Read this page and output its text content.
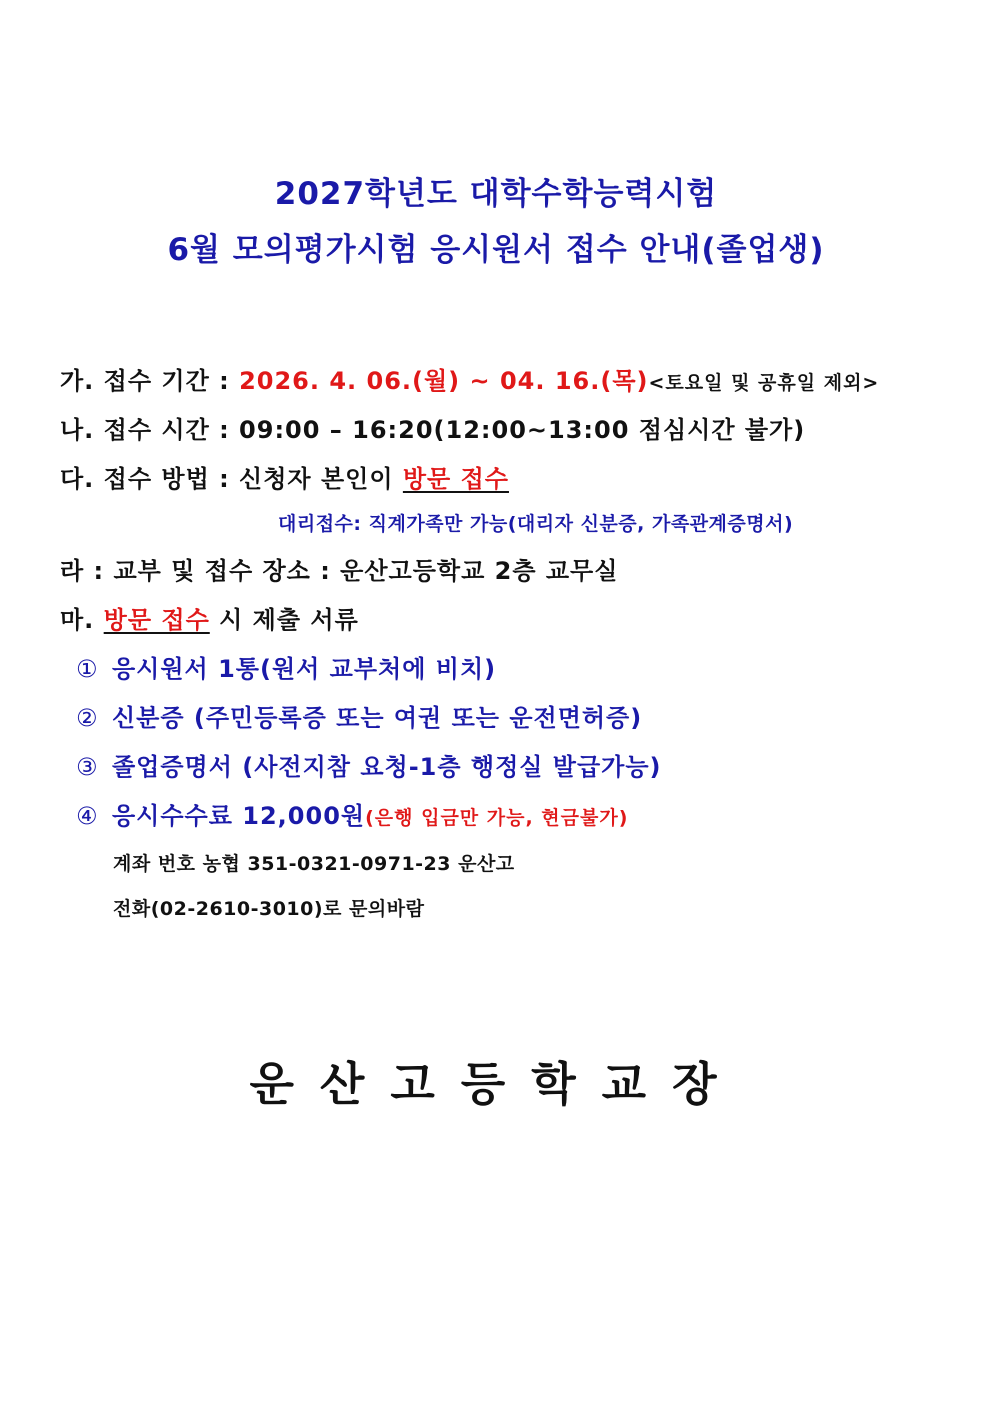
2027학년도 대학수학능력시험
6월 모의평가시험 응시원서 접수 안내(졸업생)
가. 접수 기간 : 2026. 4. 06.(월) ~ 04. 16.(목)<토요일 및 공휴일 제외>
나. 접수 시간 : 09:00 – 16:20(12:00~13:00 점심시간 불가)
다. 접수 방법 : 신청자 본인이 방문 접수
대리접수: 직계가족만 가능(대리자 신분증, 가족관계증명서)
라 : 교부 및 접수 장소 : 운산고등학교 2층 교무실
마. 방문 접수 시 제출 서류
① 응시원서 1통(원서 교부처에 비치)
② 신분증 (주민등록증 또는 여권 또는 운전면허증)
③ 졸업증명서 (사전지참 요청-1층 행정실 발급가능)
④ 응시수수료 12,000원(은행 입금만 가능, 현금불가)
계좌 번호 농협 351-0321-0971-23 운산고
전화(02-2610-3010)로 문의바람
운산고등학교장
